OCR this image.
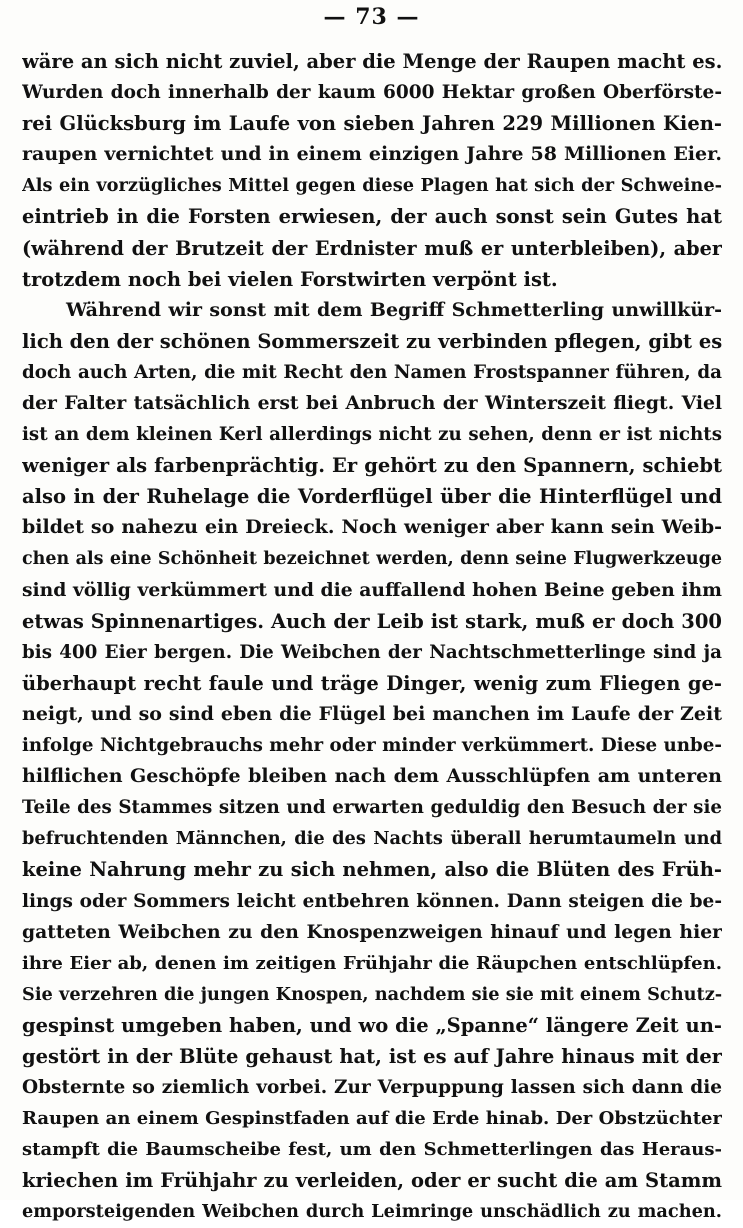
— 73 —
wäre an sich nicht zuviel, aber die Menge der Raupen macht es.
Wurden doch innerhalb der kaum 6000 Hektar großen Oberförste-
rei Glücksburg im Laufe von sieben Jahren 229 Millionen Kien-
raupen vernichtet und in einem einzigen Jahre 58 Millionen Eier.
Als ein vorzügliches Mittel gegen diese Plagen hat sich der Schweine-
eintrieb in die Forsten erwiesen, der auch sonst sein Gutes hat
(während der Brutzeit der Erdnister muß er unterbleiben), aber
trotzdem noch bei vielen Forstwirten verpönt ist.
Während wir sonst mit dem Begriff Schmetterling unwillkür-
lich den der schönen Sommerszeit zu verbinden pflegen, gibt es
doch auch Arten, die mit Recht den Namen Frostspanner führen, da
der Falter tatsächlich erst bei Anbruch der Winterszeit fliegt. Viel
ist an dem kleinen Kerl allerdings nicht zu sehen, denn er ist nichts
weniger als farbenprächtig. Er gehört zu den Spannern, schiebt
also in der Ruhelage die Vorderflügel über die Hinterflügel und
bildet so nahezu ein Dreieck. Noch weniger aber kann sein Weib-
chen als eine Schönheit bezeichnet werden, denn seine Flugwerkzeuge
sind völlig verkümmert und die auffallend hohen Beine geben ihm
etwas Spinnenartiges. Auch der Leib ist stark, muß er doch 300
bis 400 Eier bergen. Die Weibchen der Nachtschmetterlinge sind ja
überhaupt recht faule und träge Dinger, wenig zum Fliegen ge-
neigt, und so sind eben die Flügel bei manchen im Laufe der Zeit
infolge Nichtgebrauchs mehr oder minder verkümmert. Diese unbe-
hilflichen Geschöpfe bleiben nach dem Ausschlüpfen am unteren
Teile des Stammes sitzen und erwarten geduldig den Besuch der sie
befruchtenden Männchen, die des Nachts überall herumtaumeln und
keine Nahrung mehr zu sich nehmen, also die Blüten des Früh-
lings oder Sommers leicht entbehren können. Dann steigen die be-
gatteten Weibchen zu den Knospenzweigen hinauf und legen hier
ihre Eier ab, denen im zeitigen Frühjahr die Räupchen entschlüpfen.
Sie verzehren die jungen Knospen, nachdem sie sie mit einem Schutz-
gespinst umgeben haben, und wo die „Spanne“ längere Zeit un-
gestört in der Blüte gehaust hat, ist es auf Jahre hinaus mit der
Obsternte so ziemlich vorbei. Zur Verpuppung lassen sich dann die
Raupen an einem Gespinstfaden auf die Erde hinab. Der Obstzüchter
stampft die Baumscheibe fest, um den Schmetterlingen das Heraus-
kriechen im Frühjahr zu verleiden, oder er sucht die am Stamm
emporsteigenden Weibchen durch Leimringe unschädlich zu machen.
